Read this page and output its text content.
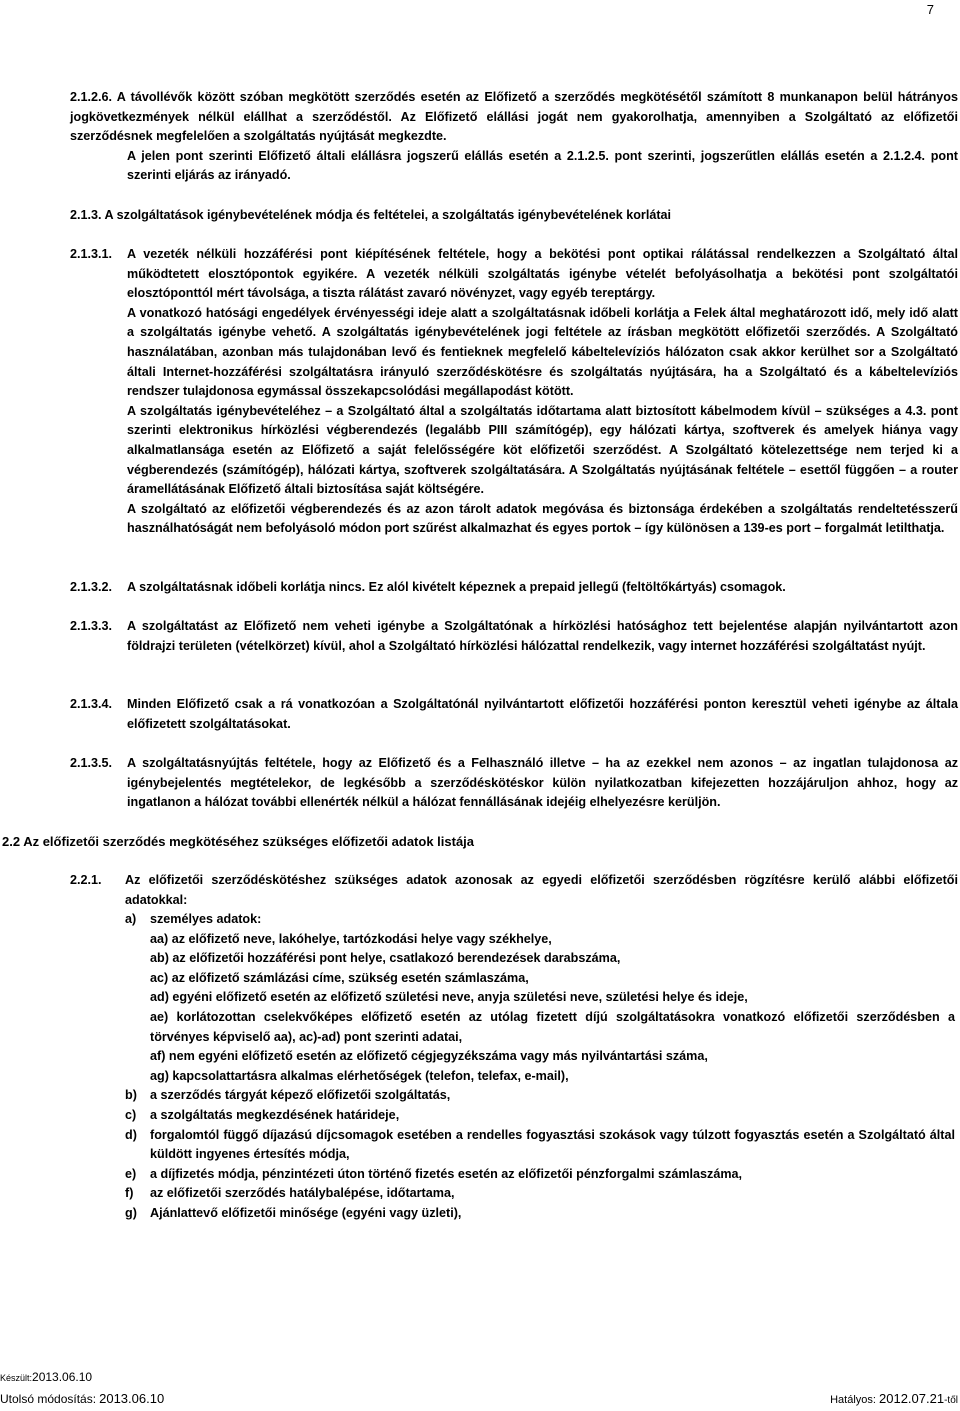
7

2.1.2.6. A távollévők között szóban megkötött szerződés esetén az Előfizető a szerződés megkötésétől számított 8 munkanapon belül hátrányos jogkövetkezmények nélkül elállhat a szerződéstől. Az Előfizető elállási jogát nem gyakorolhatja, amennyiben a Szolgáltató az előfizetői szerződésnek megfelelően a szolgáltatás nyújtását megkezdte.

A jelen pont szerinti Előfizető általi elállásra jogszerű elállás esetén a 2.1.2.5. pont szerinti, jogszerűtlen elállás esetén a 2.1.2.4. pont szerinti eljárás az irányadó.

2.1.3. A szolgáltatások igénybevételének módja és feltételei, a szolgáltatás igénybevételének korlátai
2.1.3.1.	A vezeték nélküli hozzáférési pont kiépítésének feltétele, hogy a bekötési pont optikai rálátással rendelkezzen a Szolgáltató által működtetett elosztópontok egyikére. A vezeték nélküli szolgáltatás igénybe vételét befolyásolhatja a bekötési pont szolgáltatói elosztóponttól mért távolsága, a tiszta rálátást zavaró növényzet, vagy egyéb tereptárgy.

A vonatkozó hatósági engedélyek érvényességi ideje alatt a szolgáltatásnak időbeli korlátja a Felek által meghatározott idő, mely idő alatt a szolgáltatás igénybe vehető. A szolgáltatás igénybevételének jogi feltétele az írásban megkötött előfizetői szerződés. A Szolgáltató használatában, azonban más tulajdonában levő és fentieknek megfelelő kábeltelevíziós hálózaton csak akkor kerülhet sor a Szolgáltató általi Internet-hozzáférési szolgáltatásra irányuló szerződéskötésre és szolgáltatás nyújtására, ha a Szolgáltató és a kábeltelevíziós rendszer tulajdonosa egymással összekapcsolódási megállapodást kötött.

A szolgáltatás igénybevételéhez – a Szolgáltató által a szolgáltatás időtartama alatt biztosított kábelmodem kívül – szükséges a 4.3. pont szerinti elektronikus hírközlési végberendezés (legalább PIII számítógép), egy hálózati kártya, szoftverek és amelyek hiánya vagy alkalmatlansága esetén az Előfizető a saját felelősségére köt előfizetői szerződést. A Szolgáltató kötelezettsége nem terjed ki a végberendezés (számítógép), hálózati kártya, szoftverek szolgáltatására. A Szolgáltatás nyújtásának feltétele – esettől függően – a router áramellátásának Előfizető általi biztosítása saját költségére.

A szolgáltató az előfizetői végberendezés és az azon tárolt adatok megóvása és biztonsága érdekében a szolgáltatás rendeltetésszerű használhatóságát nem befolyásoló módon port szűrést alkalmazhat és egyes portok – így különösen a 139-es port – forgalmát letilthatja.

2.1.3.2.	A szolgáltatásnak időbeli korlátja nincs. Ez alól kivételt képeznek a prepaid jellegű (feltöltőkártyás) csomagok.

2.1.3.3.	A szolgáltatást az Előfizető nem veheti igénybe a Szolgáltatónak a hírközlési hatósághoz tett bejelentése alapján nyilvántartott azon földrajzi területen (vételkörzet) kívül, ahol a Szolgáltató hírközlési hálózattal rendelkezik, vagy internet hozzáférési szolgáltatást nyújt.

2.1.3.4.	Minden Előfizető csak a rá vonatkozóan a Szolgáltatónál nyilvántartott előfizetői hozzáférési ponton keresztül veheti igénybe az általa előfizetett szolgáltatásokat.

2.1.3.5.	A szolgáltatásnyújtás feltétele, hogy az Előfizető és a Felhasználó illetve – ha az ezekkel nem azonos – az ingatlan tulajdonosa az igénybejelentés megtételekor, de legkésőbb a szerződéskötéskor külön nyilatkozatban kifejezetten hozzájáruljon ahhoz, hogy az ingatlanon a hálózat további ellenérték nélkül a hálózat fennállásának idejéig elhelyezésre kerüljön.

2.2 Az előfizetői szerződés megkötéséhez szükséges előfizetői adatok listája
2.2.1.	Az előfizetői szerződéskötéshez szükséges adatok azonosak az egyedi előfizetői szerződésben rögzítésre kerülő alábbi előfizetői adatokkal:

a)	személyes adatok:

aa) az előfizető neve, lakóhelye, tartózkodási helye vagy székhelye,

ab) az előfizetői hozzáférési pont helye, csatlakozó berendezések darabszáma,

ac) az előfizető számlázási címe, szükség esetén számlaszáma,

ad) egyéni előfizető esetén az előfizető születési neve, anyja születési neve, születési helye és ideje,

ae) korlátozottan cselekvőképes előfizető esetén az utólag fizetett díjú szolgáltatásokra vonatkozó előfizetői szerződésben a törvényes képviselő aa), ac)-ad) pont szerinti adatai,

af) nem egyéni előfizető esetén az előfizető cégjegyzékszáma vagy más nyilvántartási száma,

ag) kapcsolattartásra alkalmas elérhetőségek (telefon, telefax, e-mail),

b)	a szerződés tárgyát képező előfizetői szolgáltatás,
c)	a szolgáltatás megkezdésének határideje,
d)	forgalomtól függő díjazású díjcsomagok esetében a rendelles fogyasztási szokások vagy túlzott fogyasztás esetén a Szolgáltató által küldött ingyenes értesítés módja,
e)	a díjfizetés módja, pénzintézeti úton történő fizetés esetén az előfizetői pénzforgalmi számlaszáma,
f)	az előfizetői szerződés hatálybalépése, időtartama,
g)	Ajánlattevő előfizetői minősége (egyéni vagy üzleti),
Készült:2013.06.10
Utolsó módosítás: 2013.06.10	Hatályos: 2012.07.21-től
